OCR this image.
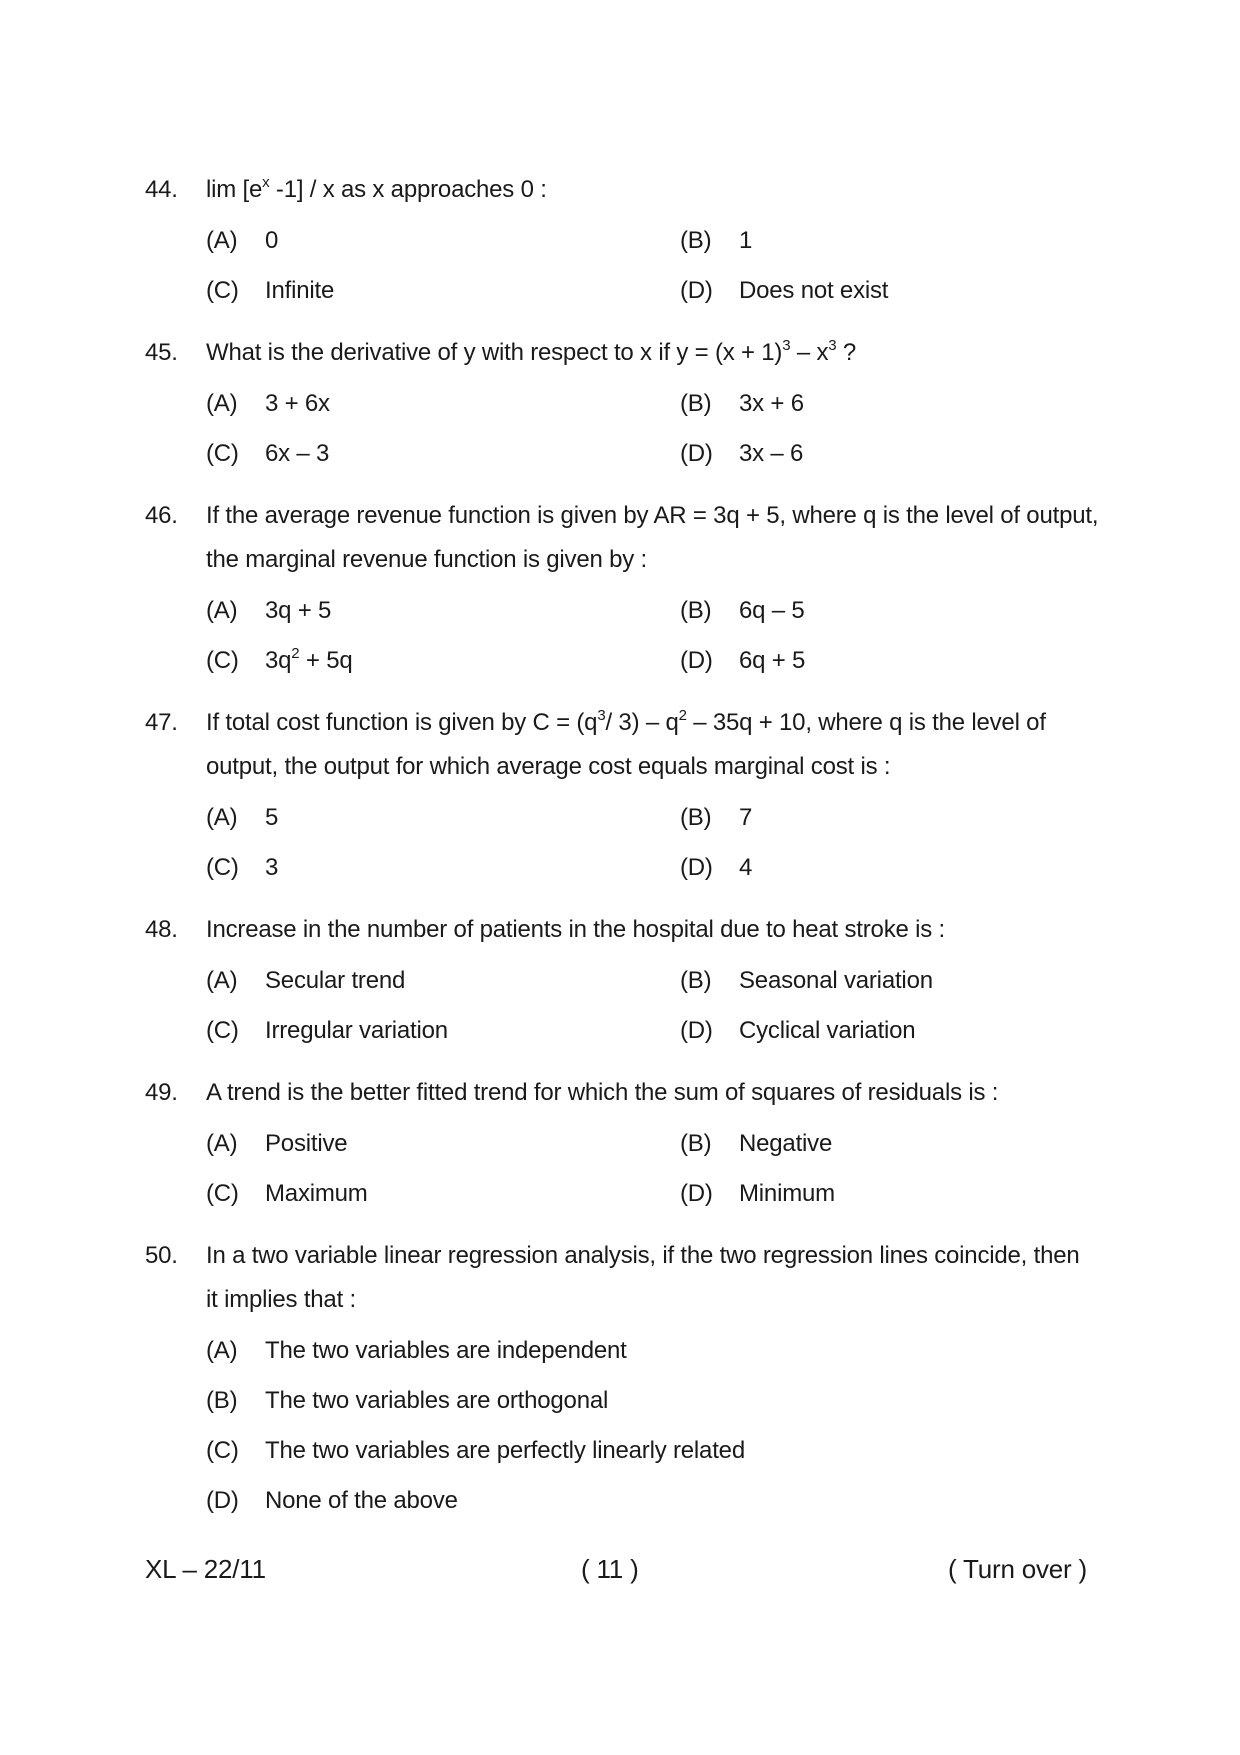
44. $\lim [e^x$ -1] / x as x approaches 0 :
(A) 0	(B) 1
(C) Infinite	(D) Does not exist
45. What is the derivative of y with respect to x if $y = (x + 1)^3 - x^3$ ?
(A) 3 + 6x	(B) 3x + 6
(C) 6x – 3	(D) 3x – 6
46. If the average revenue function is given by AR = 3q + 5, where q is the level of output,
the marginal revenue function is given by :
(A) 3q + 5	(B) 6q – 5
(C) $3q^2 + 5q$	(D) 6q + 5
47. If total cost function is given by $C = (q^3/$ $3) - q^2 - 35q + 10$, where q is the level of
output, the output for which average cost equals marginal cost is :
(A) 5	(B) 7
(C) 3	(D) 4
48. Increase in the number of patients in the hospital due to heat stroke is :
(A) Secular trend	(B) Seasonal variation
(C) Irregular variation	(D) Cyclical variation
49. A trend is the better fitted trend for which the sum of squares of residuals is :
(A) Positive	(B) Negative
(C) Maximum	(D) Minimum
50. In a two variable linear regression analysis, if the two regression lines coincide, then
it implies that :
(A) The two variables are independent
(B) The two variables are orthogonal
(C) The two variables are perfectly linearly related
(D) None of the above
XL – 22/11	( 11 )	( Turn over )
